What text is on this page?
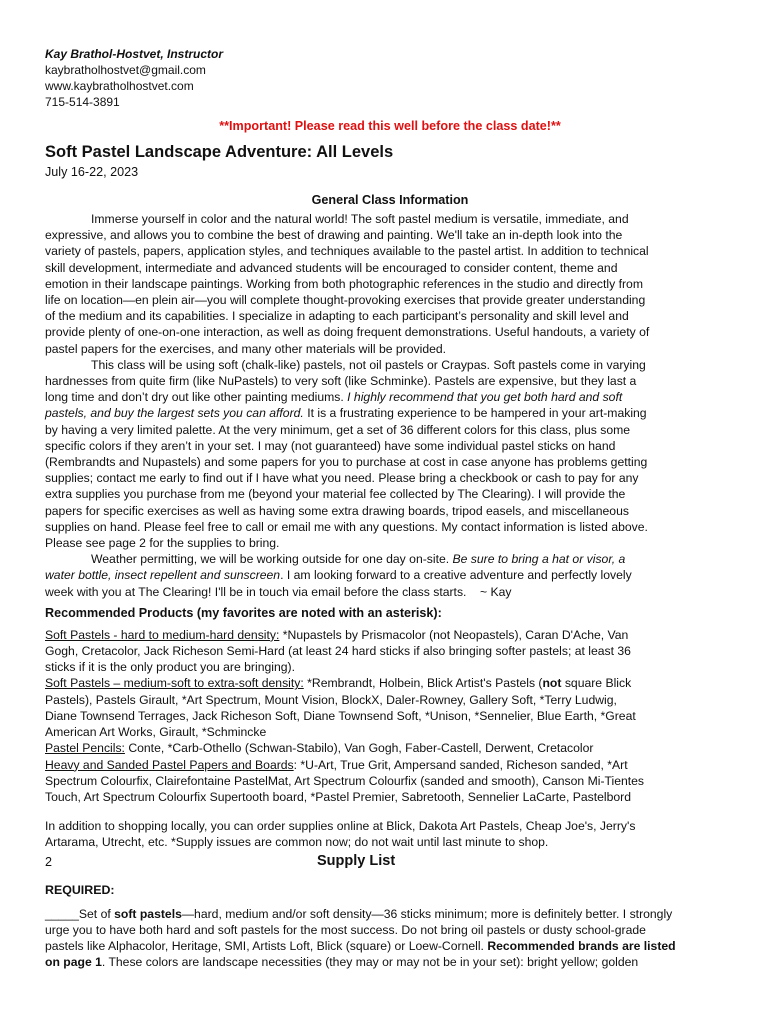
Kay Brathol-Hostvet, Instructor
kaybratholhostvet@gmail.com
www.kaybratholhostvet.com
715-514-3891
**Important! Please read this well before the class date!**
Soft Pastel Landscape Adventure: All Levels
July 16-22, 2023
General Class Information
Immerse yourself in color and the natural world! The soft pastel medium is versatile, immediate, and
expressive, and allows you to combine the best of drawing and painting. We'll take an in-depth look into the
variety of pastels, papers, application styles, and techniques available to the pastel artist. In addition to technical
skill development, intermediate and advanced students will be encouraged to consider content, theme and
emotion in their landscape paintings. Working from both photographic references in the studio and directly from
life on location—en plein air—you will complete thought-provoking exercises that provide greater understanding
of the medium and its capabilities. I specialize in adapting to each participant’s personality and skill level and
provide plenty of one-on-one interaction, as well as doing frequent demonstrations. Useful handouts, a variety of
pastel papers for the exercises, and many other materials will be provided.
This class will be using soft (chalk-like) pastels, not oil pastels or Craypas. Soft pastels come in varying
hardnesses from quite firm (like NuPastels) to very soft (like Schminke). Pastels are expensive, but they last a
long time and don’t dry out like other painting mediums. I highly recommend that you get both hard and soft
pastels, and buy the largest sets you can afford. It is a frustrating experience to be hampered in your art-making
by having a very limited palette. At the very minimum, get a set of 36 different colors for this class, plus some
specific colors if they aren’t in your set. I may (not guaranteed) have some individual pastel sticks on hand
(Rembrandts and Nupastels) and some papers for you to purchase at cost in case anyone has problems getting
supplies; contact me early to find out if I have what you need. Please bring a checkbook or cash to pay for any
extra supplies you purchase from me (beyond your material fee collected by The Clearing). I will provide the
papers for specific exercises as well as having some extra drawing boards, tripod easels, and miscellaneous
supplies on hand. Please feel free to call or email me with any questions. My contact information is listed above.
Please see page 2 for the supplies to bring.
Weather permitting, we will be working outside for one day on-site. Be sure to bring a hat or visor, a
water bottle, insect repellent and sunscreen. I am looking forward to a creative adventure and perfectly lovely
week with you at The Clearing! I'll be in touch via email before the class starts.    ~ Kay
Recommended Products (my favorites are noted with an asterisk):
Soft Pastels - hard to medium-hard density: *Nupastels by Prismacolor (not Neopastels), Caran D'Ache, Van
Gogh, Cretacolor, Jack Richeson Semi-Hard (at least 24 hard sticks if also bringing softer pastels; at least 36
sticks if it is the only product you are bringing).
Soft Pastels – medium-soft to extra-soft density: *Rembrandt, Holbein, Blick Artist's Pastels (not square Blick
Pastels), Pastels Girault, *Art Spectrum, Mount Vision, BlockX, Daler-Rowney, Gallery Soft, *Terry Ludwig,
Diane Townsend Terrages, Jack Richeson Soft, Diane Townsend Soft, *Unison, *Sennelier, Blue Earth, *Great
American Art Works, Girault, *Schmincke
Pastel Pencils: Conte, *Carb-Othello (Schwan-Stabilo), Van Gogh, Faber-Castell, Derwent, Cretacolor
Heavy and Sanded Pastel Papers and Boards: *U-Art, True Grit, Ampersand sanded, Richeson sanded, *Art
Spectrum Colourfix, Clairefontaine PastelMat, Art Spectrum Colourfix (sanded and smooth), Canson Mi-Tientes
Touch, Art Spectrum Colourfix Supertooth board, *Pastel Premier, Sabretooth, Sennelier LaCarte, Pastelbord
In addition to shopping locally, you can order supplies online at Blick, Dakota Art Pastels, Cheap Joe's, Jerry's
Artarama, Utrecht, etc. *Supply issues are common now; do not wait until last minute to shop.
2	Supply List
REQUIRED:
_____Set of soft pastels—hard, medium and/or soft density—36 sticks minimum; more is definitely better. I strongly
urge you to have both hard and soft pastels for the most success. Do not bring oil pastels or dusty school-grade
pastels like Alphacolor, Heritage, SMI, Artists Loft, Blick (square) or Loew-Cornell. Recommended brands are listed
on page 1. These colors are landscape necessities (they may or may not be in your set): bright yellow; golden
